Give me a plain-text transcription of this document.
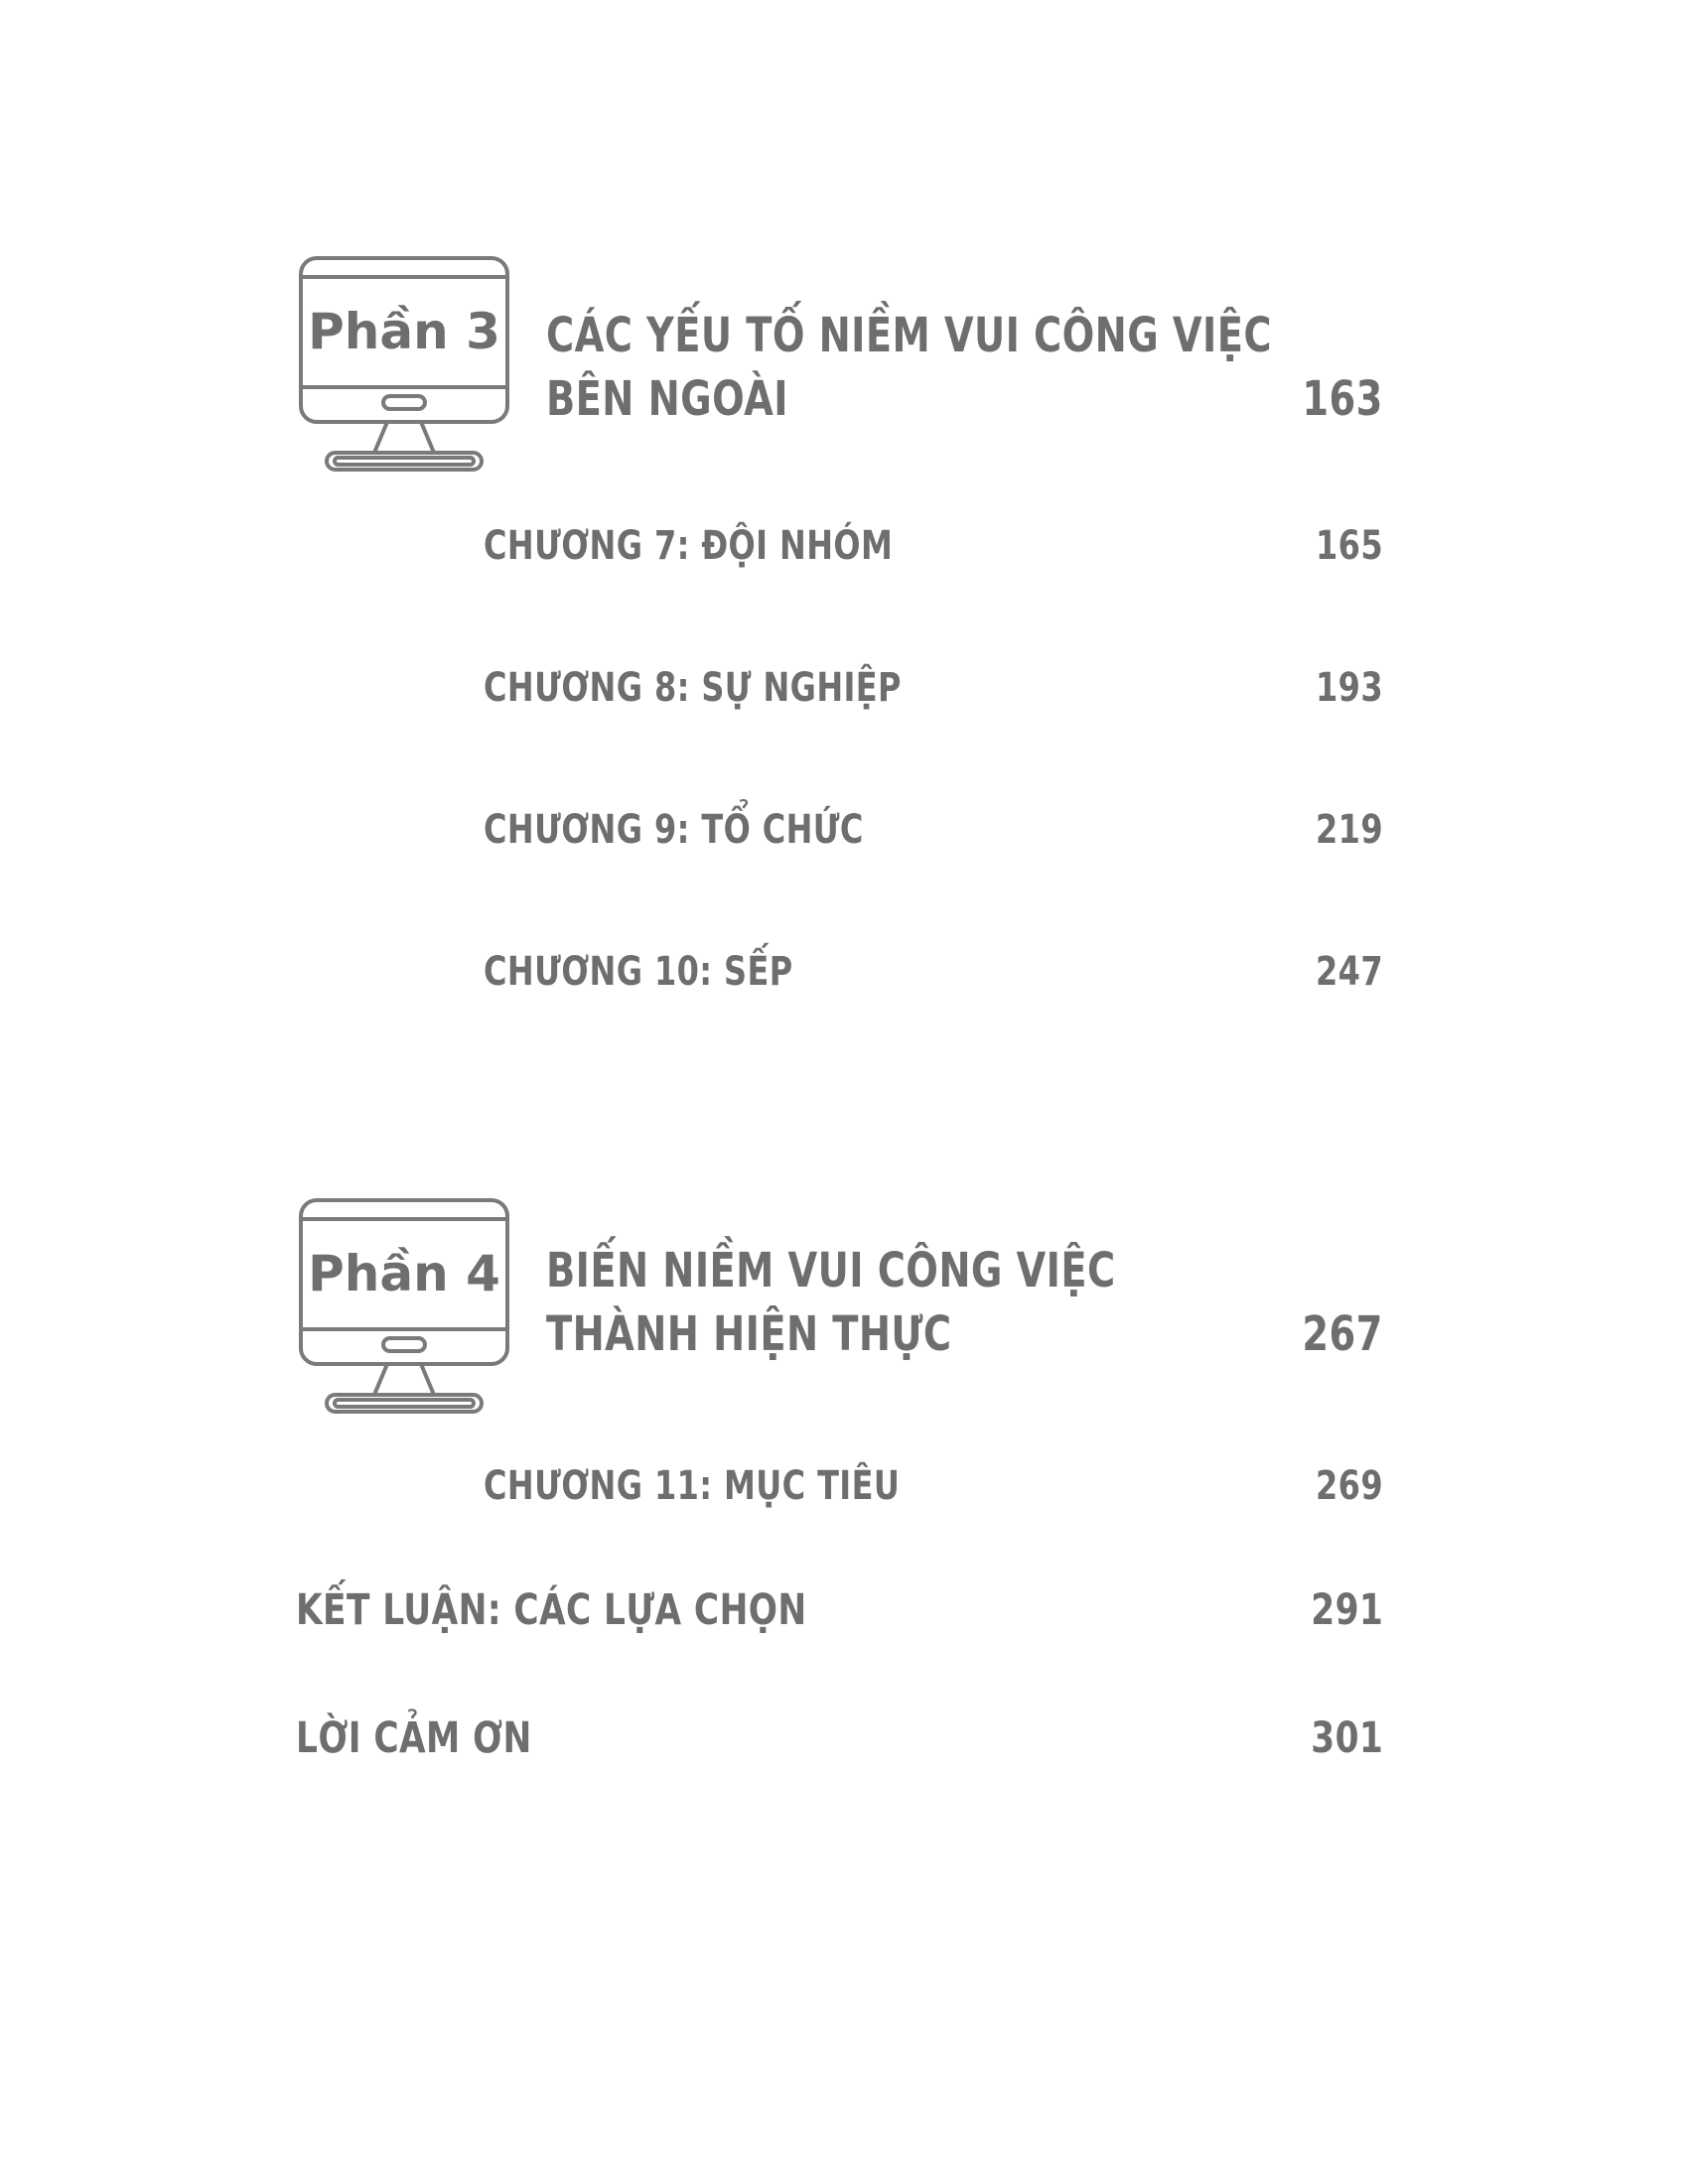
Phần 3 CÁC YẾU TỐ NIỀM VUI CÔNG VIỆC
BÊN NGOÀI	163
CHƯƠNG 7: ĐỘI NHÓM	165
CHƯƠNG 8: SỰ NGHIỆP	193
CHƯƠNG 9: TỔ CHỨC	219
CHƯƠNG 10: SẾP	247
Phần 4 BIẾN NIỀM VUI CÔNG VIỆC
THÀNH HIỆN THỰC	267
CHƯƠNG 11: MỤC TIÊU	269
KẾT LUẬN: CÁC LỰA CHỌN	291
LỜI CẢM ƠN	301
